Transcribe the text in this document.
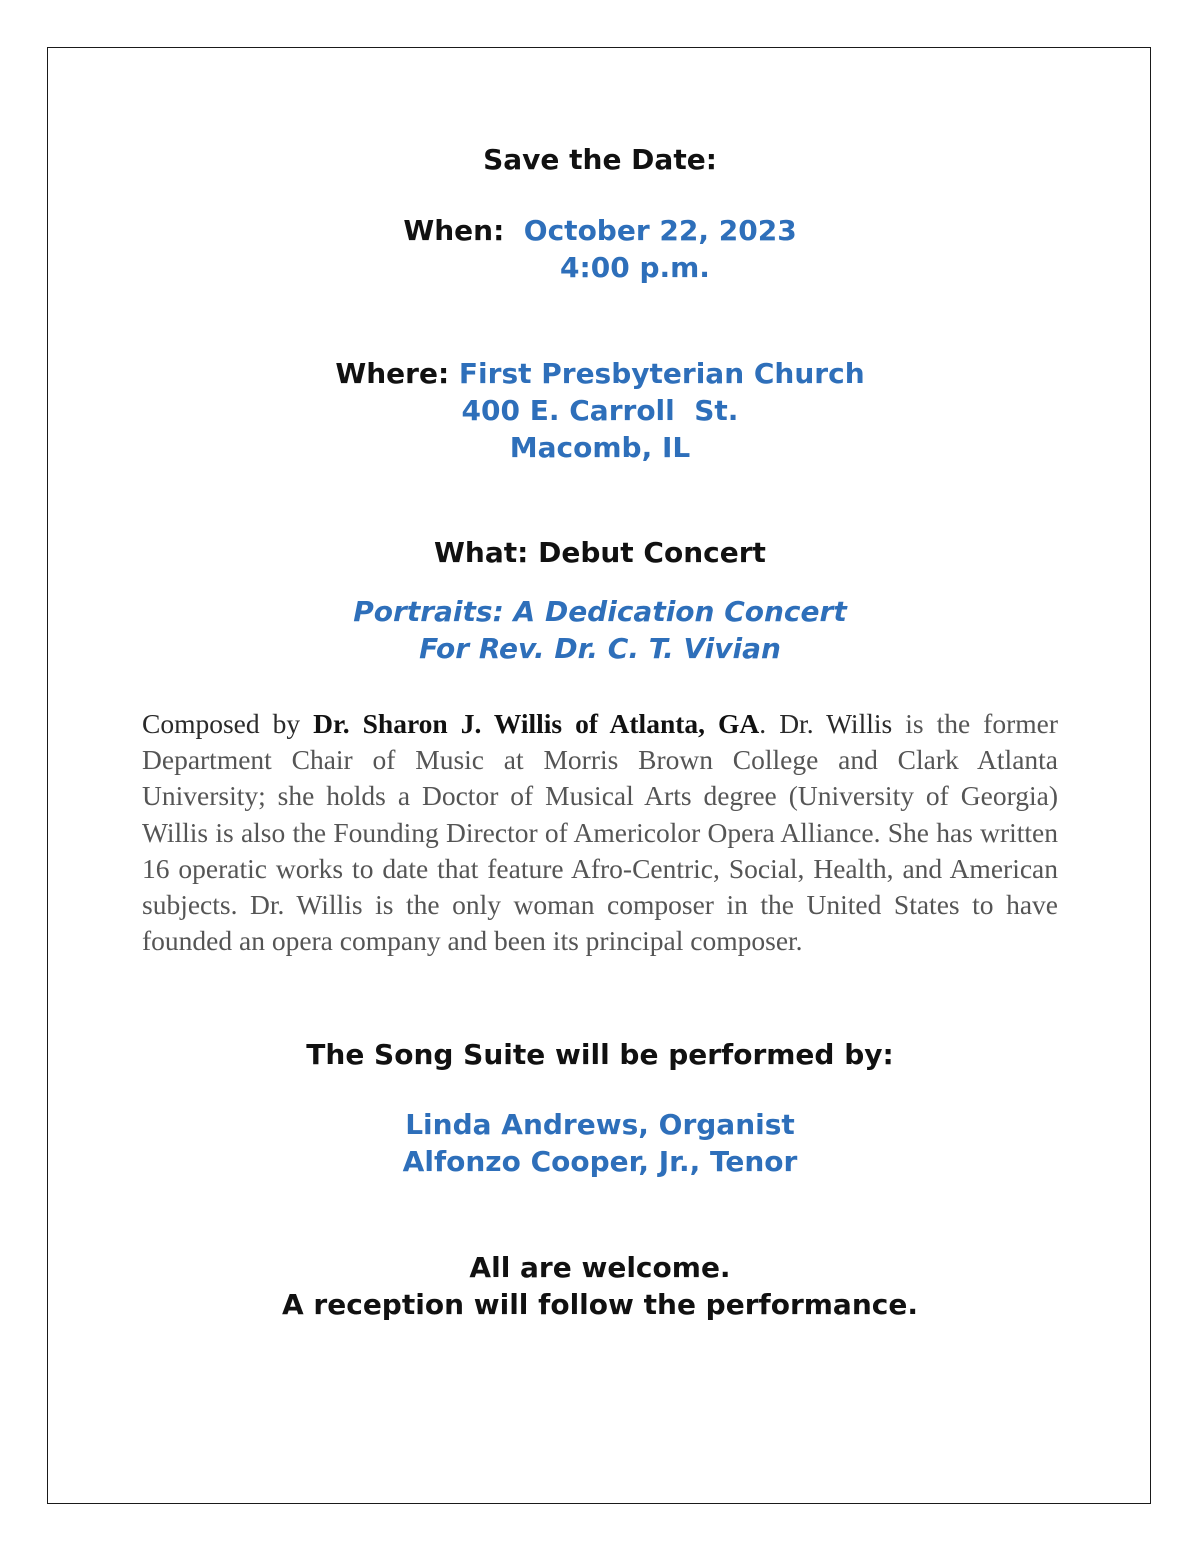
Save the Date:
When: October 22, 2023
4:00 p.m.
Where: First Presbyterian Church
400 E. Carroll  St.
Macomb, IL
What: Debut Concert
Portraits: A Dedication Concert
For Rev. Dr. C. T. Vivian
Composed by Dr. Sharon J. Willis of Atlanta, GA. Dr. Willis is the former Department Chair of Music at Morris Brown College and Clark Atlanta University; she holds a Doctor of Musical Arts degree (University of Georgia) Willis is also the Founding Director of Americolor Opera Alliance. She has written 16 operatic works to date that feature Afro-Centric, Social, Health, and American subjects. Dr. Willis is the only woman composer in the United States to have founded an opera company and been its principal composer.
The Song Suite will be performed by:
Linda Andrews, Organist
Alfonzo Cooper, Jr., Tenor
All are welcome.
A reception will follow the performance.
